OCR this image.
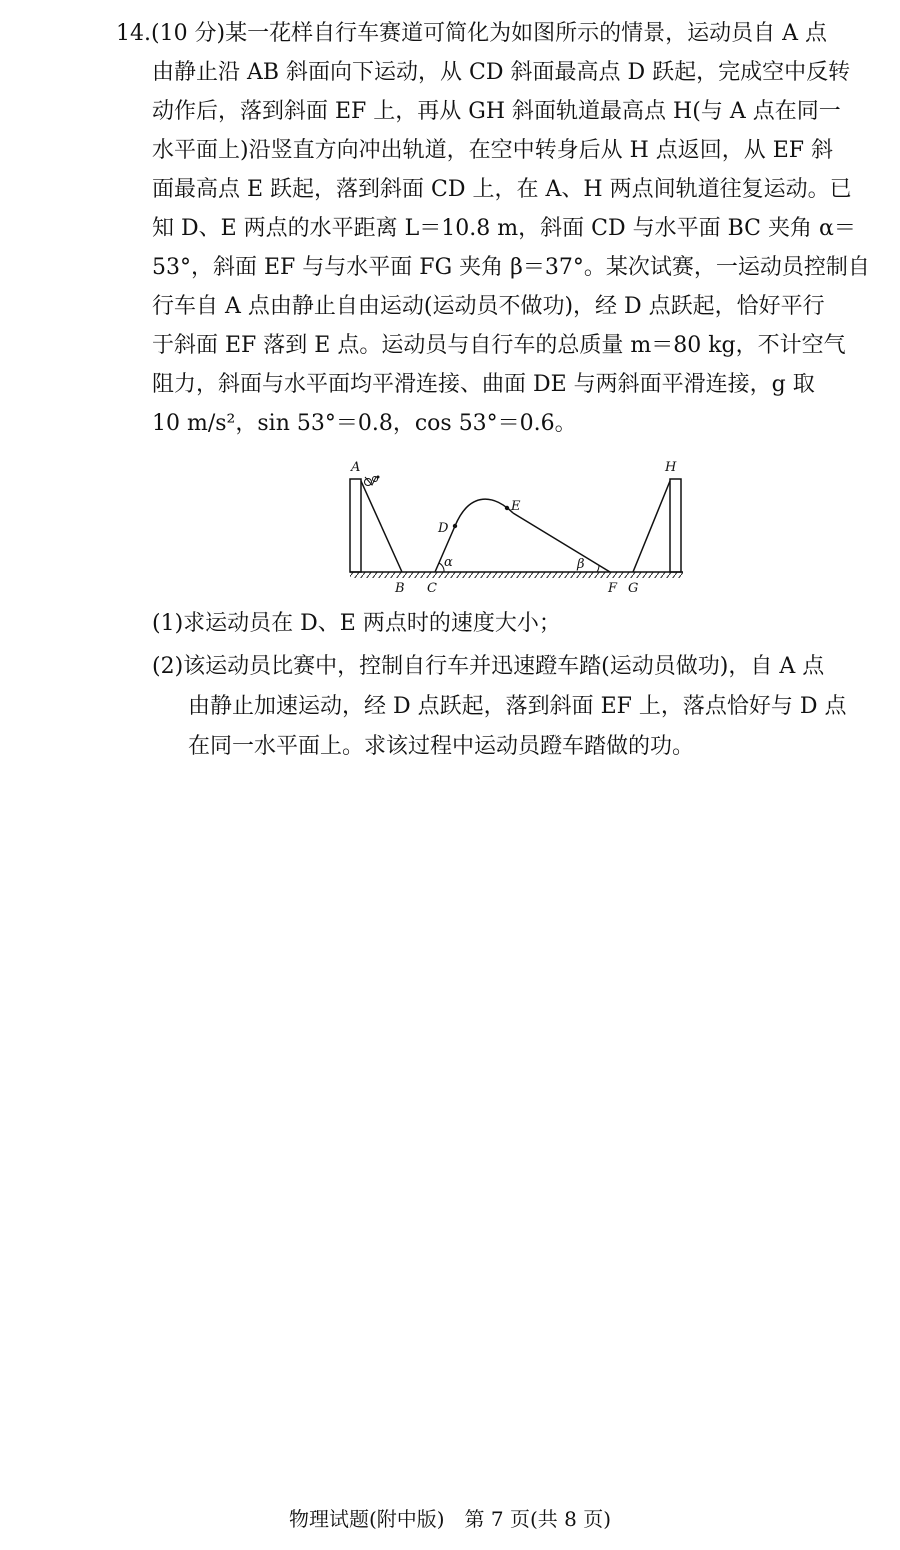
14.(10 分)某一花样自行车赛道可简化为如图所示的情景，运动员自 A 点
由静止沿 AB 斜面向下运动，从 CD 斜面最高点 D 跃起，完成空中反转
动作后，落到斜面 EF 上，再从 GH 斜面轨道最高点 H(与 A 点在同一
水平面上)沿竖直方向冲出轨道，在空中转身后从 H 点返回，从 EF 斜
面最高点 E 跃起，落到斜面 CD 上，在 A、H 两点间轨道往复运动。已
知 D、E 两点的水平距离 L＝10.8 m，斜面 CD 与水平面 BC 夹角 α＝
53°，斜面 EF 与与水平面 FG 夹角 β＝37°。某次试赛，一运动员控制自
行车自 A 点由静止自由运动(运动员不做功)，经 D 点跃起，恰好平行
于斜面 EF 落到 E 点。运动员与自行车的总质量 m＝80 kg，不计空气
阻力，斜面与水平面均平滑连接、曲面 DE 与两斜面平滑连接，g 取
10 m/s²，sin 53°＝0.8，cos 53°＝0.6。
A
B C
D
E
F G
H
α	β
(1)求运动员在 D、E 两点时的速度大小；
(2)该运动员比赛中，控制自行车并迅速蹬车踏(运动员做功)，自 A 点
由静止加速运动，经 D 点跃起，落到斜面 EF 上，落点恰好与 D 点
在同一水平面上。求该过程中运动员蹬车踏做的功。
物理试题(附中版)　第 7 页(共 8 页)
